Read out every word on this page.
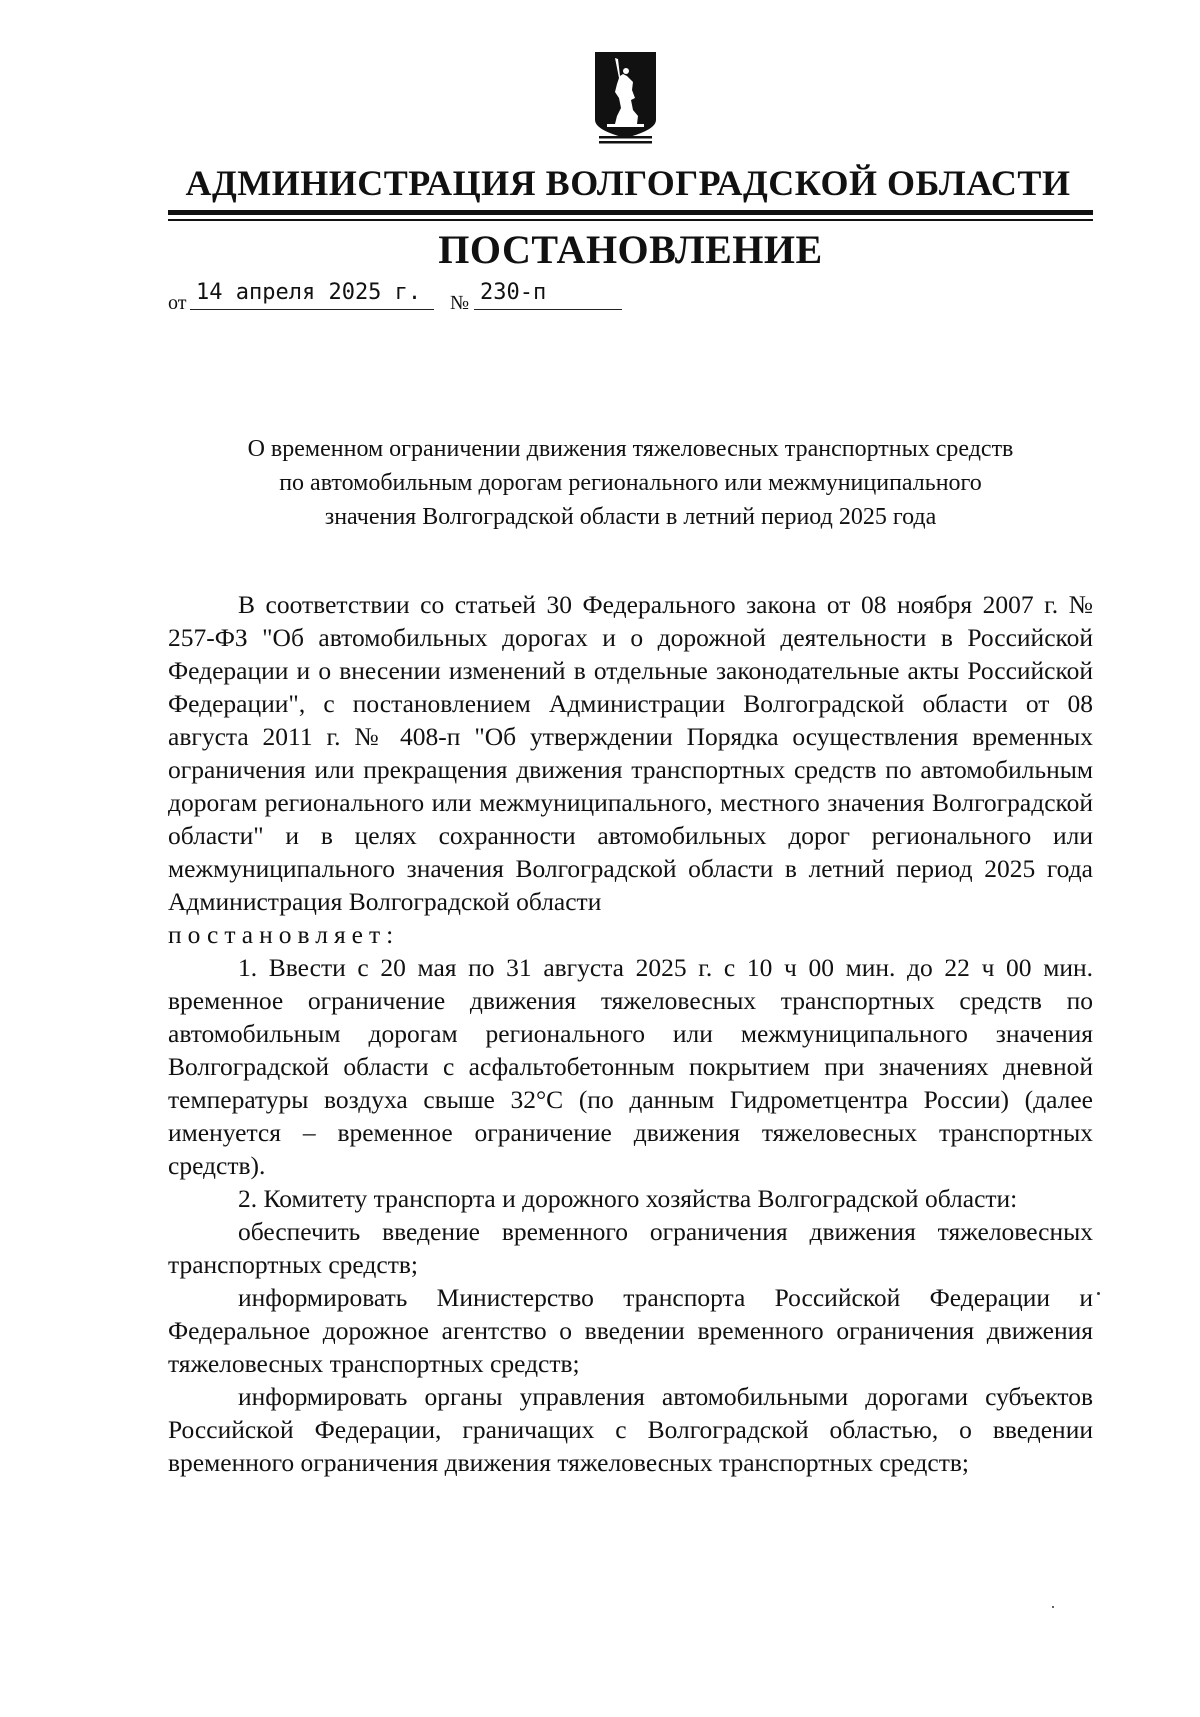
АДМИНИСТРАЦИЯ ВОЛГОГРАДСКОЙ ОБЛАСТИ
ПОСТАНОВЛЕНИЕ
от 14 апреля 2025 г.	№ 230-п
О временном ограничении движения тяжеловесных транспортных средств
по автомобильным дорогам регионального или межмуниципального
значения Волгоградской области в летний период 2025 года

В соответствии со статьей 30 Федерального закона от 08 ноября 2007 г. № 257-ФЗ "Об автомобильных дорогах и о дорожной деятельности в Российской Федерации и о внесении изменений в отдельные законодательные акты Российской Федерации", с постановлением Администрации Волгоградской области от 08 августа 2011 г. № 408-п "Об утверждении Порядка осуществления временных ограничения или прекращения движения транспортных средств по автомобильным дорогам регионального или межмуниципального, местного значения Волгоградской области" и в целях сохранности автомобильных дорог регионального или межмуниципального значения Волгоградской области в летний период 2025 года Администрация Волгоградской области

постановляет:

1. Ввести с 20 мая по 31 августа 2025 г. с 10 ч 00 мин. до 22 ч 00 мин. временное ограничение движения тяжеловесных транспортных средств по автомобильным дорогам регионального или межмуниципального значения Волгоградской области с асфальтобетонным покрытием при значениях дневной температуры воздуха свыше 32°С (по данным Гидрометцентра России) (далее именуется – временное ограничение движения тяжеловесных транспортных средств).

2. Комитету транспорта и дорожного хозяйства Волгоградской области:

обеспечить введение временного ограничения движения тяжеловесных транспортных средств;

информировать Министерство транспорта Российской Федерации и Федеральное дорожное агентство о введении временного ограничения движения тяжеловесных транспортных средств;

информировать органы управления автомобильными дорогами субъектов Российской Федерации, граничащих с Волгоградской областью, о введении временного ограничения движения тяжеловесных транспортных средств;
